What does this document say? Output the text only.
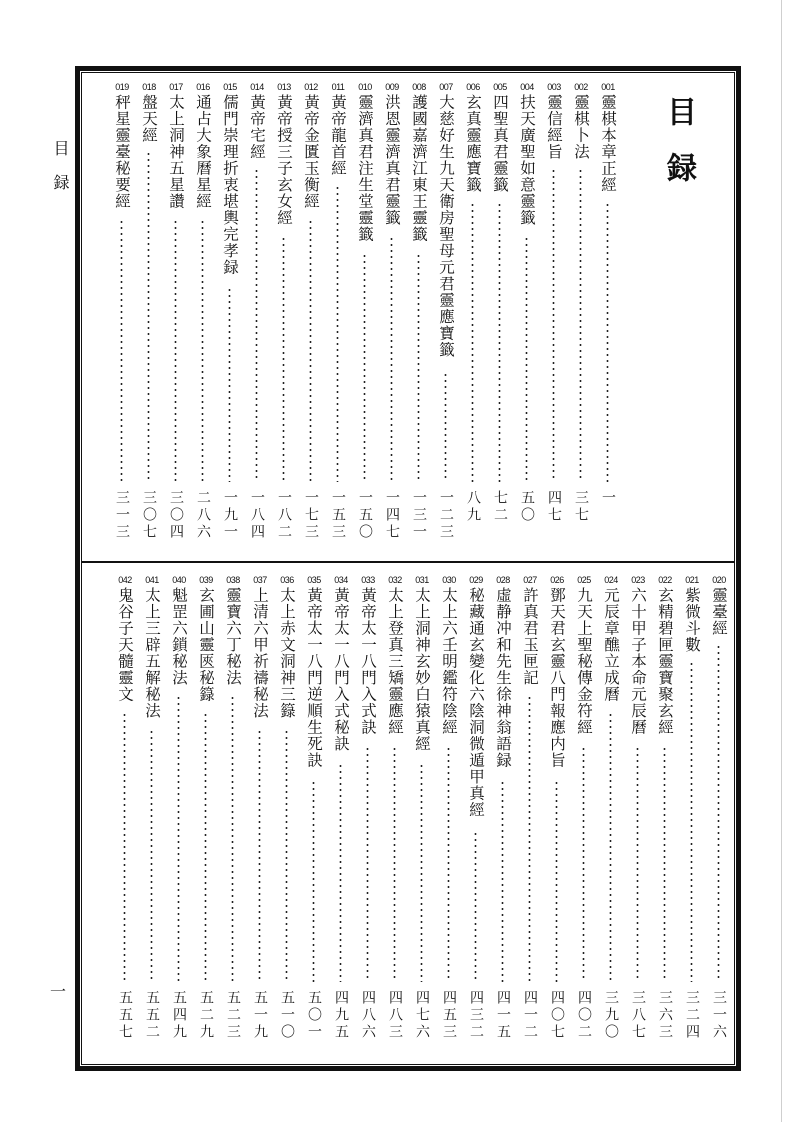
目録
一
目録
001
靈棋本章正經
一
002
靈棋卜法
三七
003
靈信經旨
四七
004
扶天廣聖如意靈籤
五〇
005
四聖真君靈籤
七二
006
玄真靈應寶籤
八九
007
大慈好生九天衛房聖母元君靈應寶籤
一二三
008
護國嘉濟江東王靈籤
一三一
009
洪恩靈濟真君靈籤
一四七
010
靈濟真君注生堂靈籤
一五〇
011
黃帝龍首經
一五三
012
黃帝金匱玉衡經
一七三
013
黃帝授三子玄女經
一八二
014
黃帝宅經
一八四
015
儒門崇理折衷堪輿完孝録
一九一
016
通占大象曆星經
二八六
017
太上洞神五星讚
三〇四
018
盤天經
三〇七
019
秤星靈臺秘要經
三一三
020
靈臺經
三一六
021
紫微斗數
三二四
022
玄精碧匣靈寶聚玄經
三六三
023
六十甲子本命元辰曆
三八七
024
元辰章醮立成曆
三九〇
025
九天上聖秘傳金符經
四〇二
026
鄧天君玄靈八門報應内旨
四〇七
027
許真君玉匣記
四一二
028
虛静冲和先生徐神翁語録
四一五
029
秘藏通玄變化六陰洞微遁甲真經
四三二
030
太上六壬明鑑符陰經
四五三
031
太上洞神玄妙白猿真經
四七六
032
太上登真三矯靈應經
四八三
033
黃帝太一八門入式訣
四八六
034
黃帝太一八門入式秘訣
四九五
035
黃帝太一八門逆順生死訣
五〇一
036
太上赤文洞神三籙
五一〇
037
上清六甲祈禱秘法
五一九
038
靈寶六丁秘法
五二三
039
玄圃山靈匧秘籙
五二九
040
魁罡六鎖秘法
五四九
041
太上三辟五解秘法
五五二
042
鬼谷子天髓靈文
五五七
